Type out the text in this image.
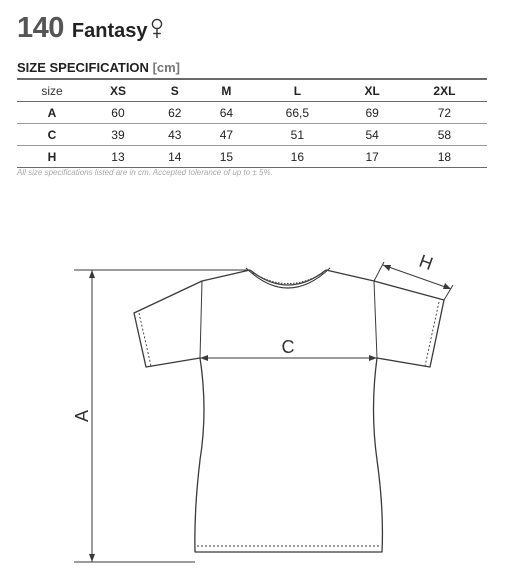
140 Fantasy
SIZE SPECIFICATION [cm]
size	XS	S	M	L	XL	2XL
A	60	62	64	66,5	69	72
C	39	43	47	51	54	58
H	13	14	15	16	17	18
All size specifications listed are in cm. Accepted tolerance of up to ± 5%.
A
C
H
